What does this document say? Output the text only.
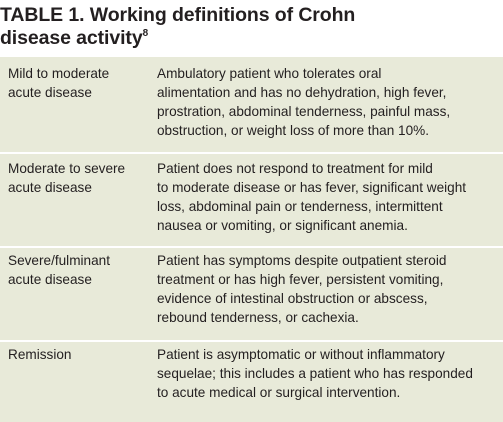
TABLE 1. Working definitions of Crohn
disease activity$^8$
Mild to moderate
acute disease
Ambulatory patient who tolerates oral
alimentation and has no dehydration, high fever,
prostration, abdominal tenderness, painful mass,
obstruction, or weight loss of more than 10%.
Moderate to severe
acute disease
Patient does not respond to treatment for mild
to moderate disease or has fever, significant weight
loss, abdominal pain or tenderness, intermittent
nausea or vomiting, or significant anemia.
Severe/fulminant
acute disease
Patient has symptoms despite outpatient steroid
treatment or has high fever, persistent vomiting,
evidence of intestinal obstruction or abscess,
rebound tenderness, or cachexia.
Remission	Patient is asymptomatic or without inflammatory
sequelae; this includes a patient who has responded
to acute medical or surgical intervention.
